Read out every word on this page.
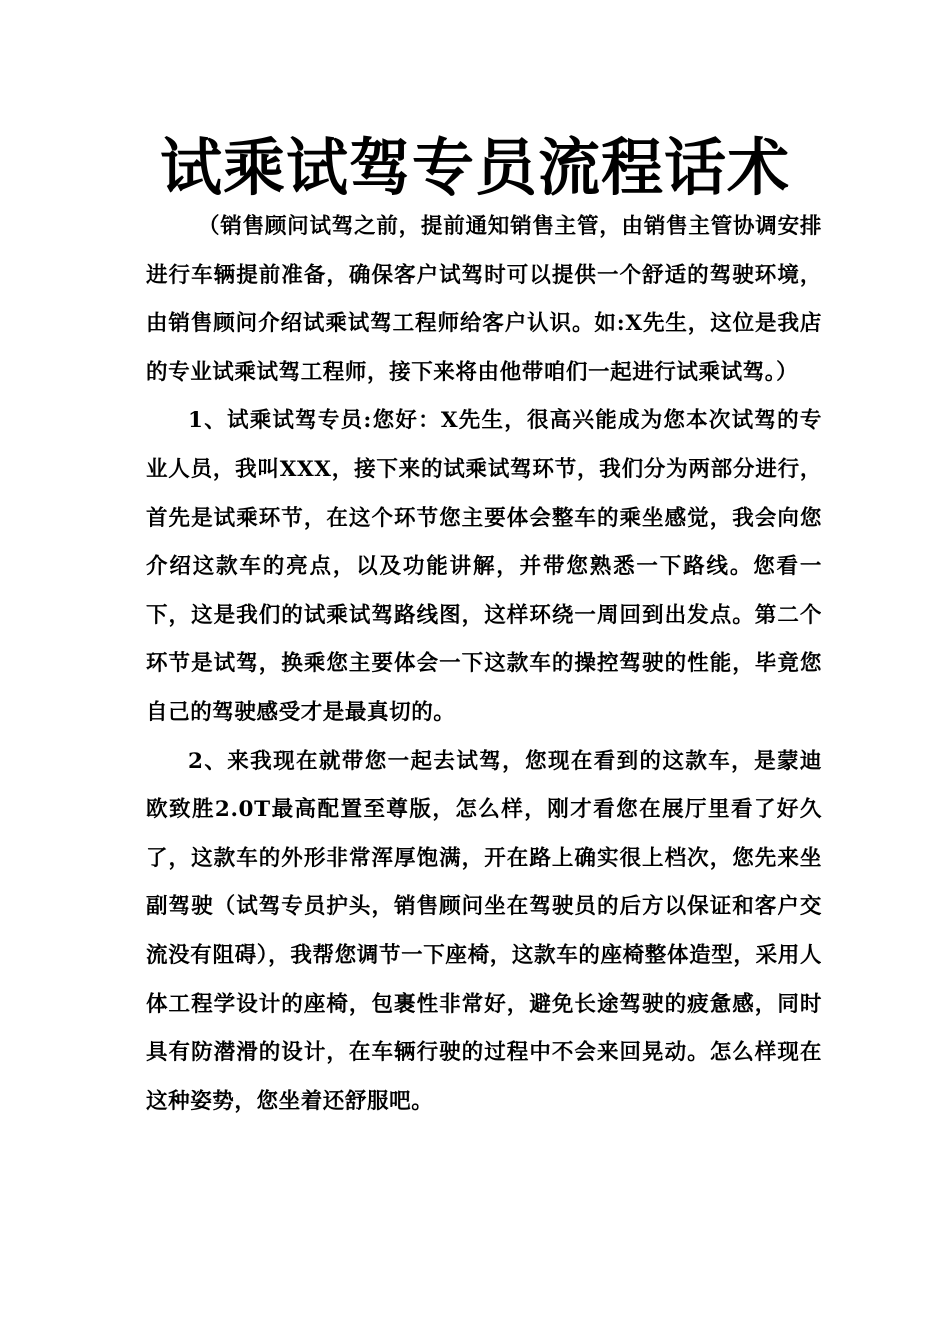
试乘试驾专员流程话术

（销售顾问试驾之前，提前通知销售主管，由销售主管协调安排进行车辆提前准备，确保客户试驾时可以提供一个舒适的驾驶环境，由销售顾问介绍试乘试驾工程师给客户认识。如:X先生，这位是我店的专业试乘试驾工程师，接下来将由他带咱们一起进行试乘试驾。）

1、试乘试驾专员:您好：X先生，很高兴能成为您本次试驾的专业人员，我叫XXX，接下来的试乘试驾环节，我们分为两部分进行，首先是试乘环节，在这个环节您主要体会整车的乘坐感觉，我会向您介绍这款车的亮点，以及功能讲解，并带您熟悉一下路线。您看一下，这是我们的试乘试驾路线图，这样环绕一周回到出发点。第二个环节是试驾，换乘您主要体会一下这款车的操控驾驶的性能，毕竟您自己的驾驶感受才是最真切的。

2、来我现在就带您一起去试驾，您现在看到的这款车，是蒙迪欧致胜2.0T最高配置至尊版，怎么样，刚才看您在展厅里看了好久了，这款车的外形非常浑厚饱满，开在路上确实很上档次，您先来坐副驾驶（试驾专员护头，销售顾问坐在驾驶员的后方以保证和客户交流没有阻碍），我帮您调节一下座椅，这款车的座椅整体造型，采用人体工程学设计的座椅，包裹性非常好，避免长途驾驶的疲惫感，同时具有防潜滑的设计，在车辆行驶的过程中不会来回晃动。怎么样现在这种姿势，您坐着还舒服吧。
